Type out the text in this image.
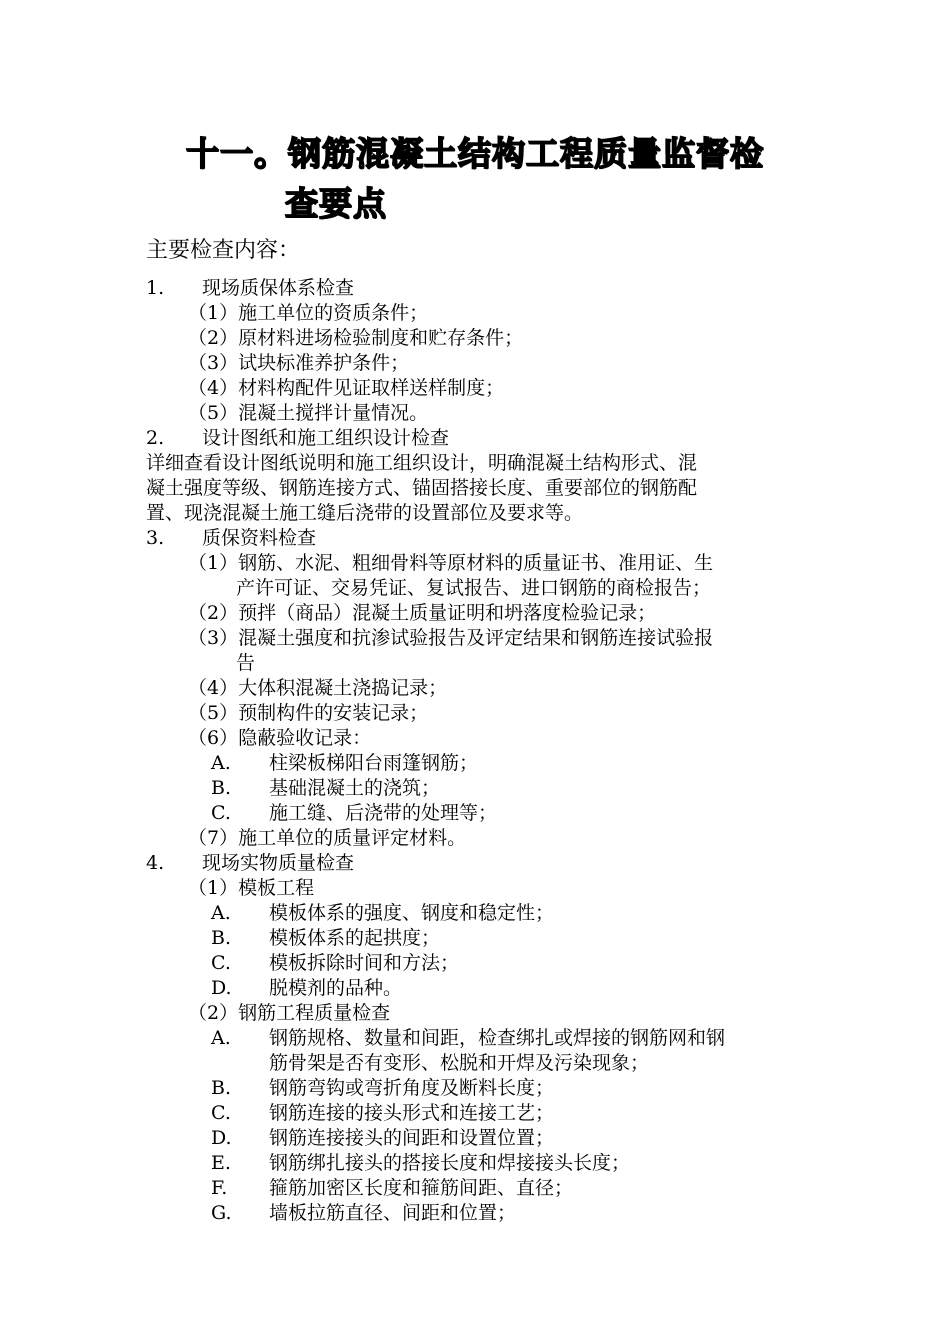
十一。钢筋混凝土结构工程质量监督检
查要点
主要检查内容：
1. 现场质保体系检查
（1）施工单位的资质条件；
（2）原材料进场检验制度和贮存条件；
（3）试块标准养护条件；
（4）材料构配件见证取样送样制度；
（5）混凝土搅拌计量情况。
2. 设计图纸和施工组织设计检查
详细查看设计图纸说明和施工组织设计，明确混凝土结构形式、混
凝土强度等级、钢筋连接方式、锚固搭接长度、重要部位的钢筋配
置、现浇混凝土施工缝后浇带的设置部位及要求等。
3. 质保资料检查
（1）钢筋、水泥、粗细骨料等原材料的质量证书、准用证、生
产许可证、交易凭证、复试报告、进口钢筋的商检报告；
（2）预拌（商品）混凝土质量证明和坍落度检验记录；
（3）混凝土强度和抗渗试验报告及评定结果和钢筋连接试验报
告
（4）大体积混凝土浇捣记录；
（5）预制构件的安装记录；
（6）隐蔽验收记录：
A. 柱梁板梯阳台雨篷钢筋；
B. 基础混凝土的浇筑；
C. 施工缝、后浇带的处理等；
（7）施工单位的质量评定材料。
4. 现场实物质量检查
（1）模板工程
A. 模板体系的强度、钢度和稳定性；
B. 模板体系的起拱度；
C. 模板拆除时间和方法；
D. 脱模剂的品种。
（2）钢筋工程质量检查
A. 钢筋规格、数量和间距，检查绑扎或焊接的钢筋网和钢
筋骨架是否有变形、松脱和开焊及污染现象；
B. 钢筋弯钩或弯折角度及断料长度；
C. 钢筋连接的接头形式和连接工艺；
D. 钢筋连接接头的间距和设置位置；
E. 钢筋绑扎接头的搭接长度和焊接接头长度；
F. 箍筋加密区长度和箍筋间距、直径；
G. 墙板拉筋直径、间距和位置；
